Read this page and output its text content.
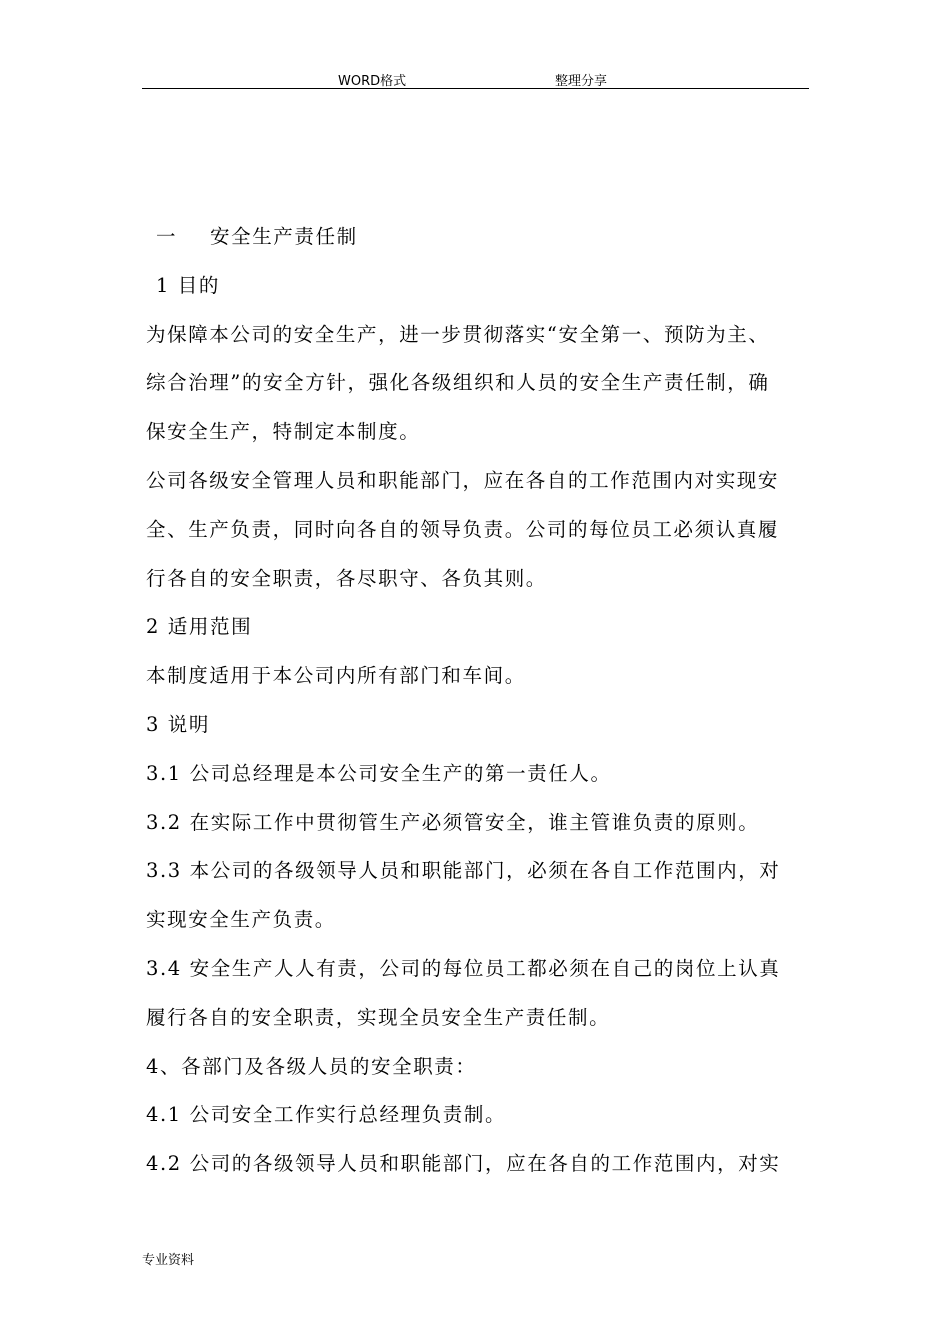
WORD格式	整理分享

一 安全生产责任制

1 目的

为保障本公司的安全生产，进一步贯彻落实“安全第一、预防为主、

综合治理”的安全方针，强化各级组织和人员的安全生产责任制，确

保安全生产，特制定本制度。

公司各级安全管理人员和职能部门，应在各自的工作范围内对实现安

全、生产负责，同时向各自的领导负责。公司的每位员工必须认真履

行各自的安全职责，各尽职守、各负其则。

2 适用范围

本制度适用于本公司内所有部门和车间。

3 说明

3.1 公司总经理是本公司安全生产的第一责任人。

3.2 在实际工作中贯彻管生产必须管安全，谁主管谁负责的原则。

3.3 本公司的各级领导人员和职能部门，必须在各自工作范围内，对

实现安全生产负责。

3.4 安全生产人人有责，公司的每位员工都必须在自己的岗位上认真

履行各自的安全职责，实现全员安全生产责任制。

4、各部门及各级人员的安全职责：

4.1 公司安全工作实行总经理负责制。

4.2 公司的各级领导人员和职能部门，应在各自的工作范围内，对实

专业资料
